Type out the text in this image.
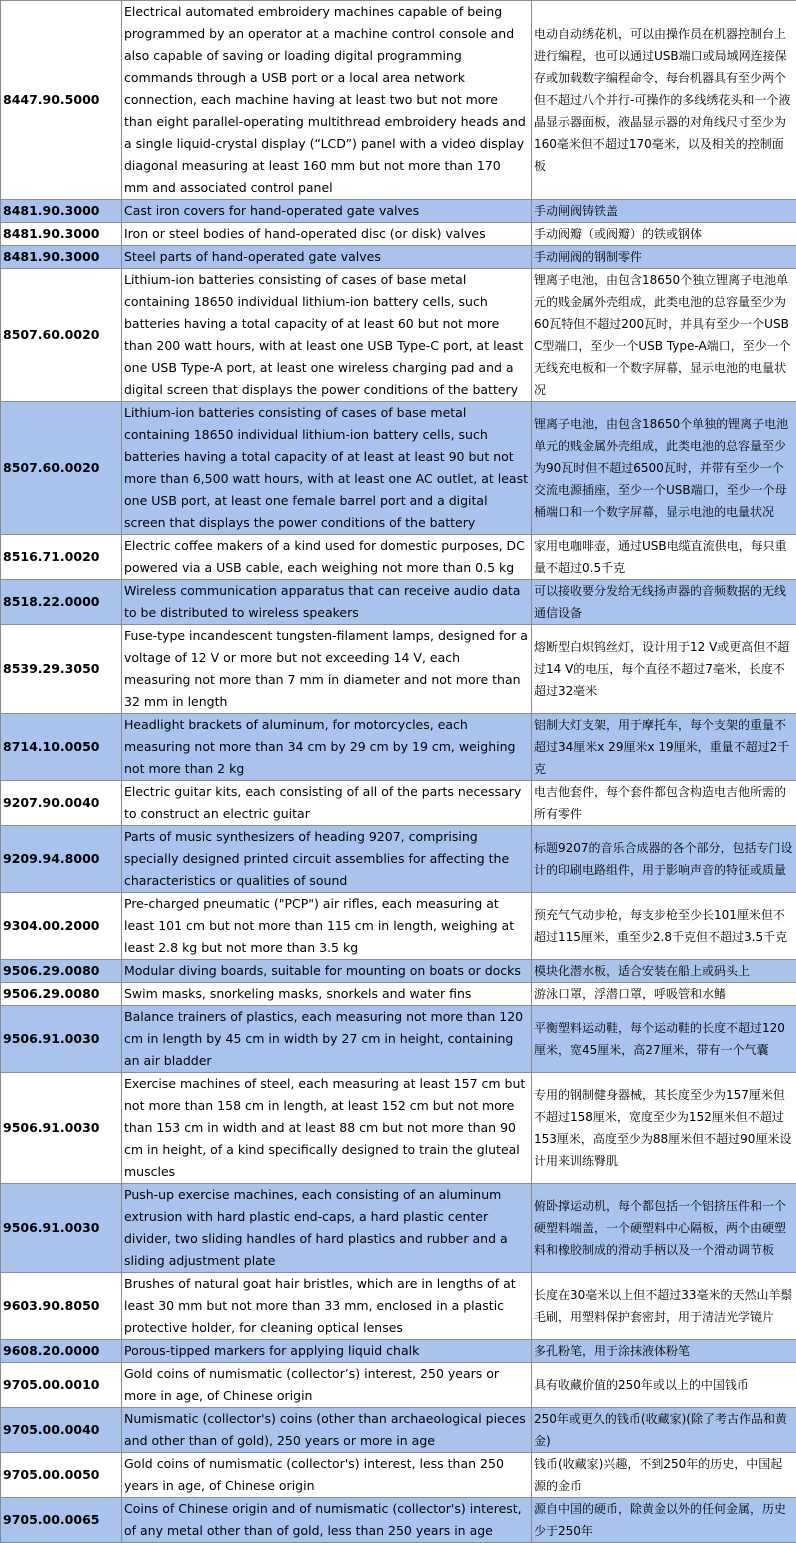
8447.90.5000	Electrical automated embroidery machines capable of being programmed by an operator at a machine control console and also capable of saving or loading digital programming commands through a USB port or a local area network connection, each machine having at least two but not more than eight parallel-operating multithread embroidery heads and a single liquid-crystal display (“LCD”) panel with a video display diagonal measuring at least 160 mm but not more than 170 mm and associated control panel	电动自动绣花机，可以由操作员在机器控制台上进行编程，也可以通过USB端口或局域网连接保存或加载数字编程命令，每台机器具有至少两个但不超过八个并行-可操作的多线绣花头和一个液晶显示器面板，液晶显示器的对角线尺寸至少为160毫米但不超过170毫米，以及相关的控制面板
8481.90.3000	Cast iron covers for hand-operated gate valves	手动闸阀铸铁盖
8481.90.3000	Iron or steel bodies of hand-operated disc (or disk) valves	手动阀瓣（或阀瓣）的铁或钢体
8481.90.3000	Steel parts of hand-operated gate valves	手动闸阀的钢制零件
8507.60.0020	Lithium-ion batteries consisting of cases of base metal containing 18650 individual lithium-ion battery cells, such batteries having a total capacity of at least 60 but not more than 200 watt hours, with at least one USB Type-C port, at least one USB Type-A port, at least one wireless charging pad and a digital screen that displays the power conditions of the battery	锂离子电池，由包含18650个独立锂离子电池单元的贱金属外壳组成，此类电池的总容量至少为60瓦特但不超过200瓦时，并具有至少一个USB C型端口，至少一个USB Type-A端口，至少一个无线充电板和一个数字屏幕，显示电池的电量状况
8507.60.0020	Lithium-ion batteries consisting of cases of base metal containing 18650 individual lithium-ion battery cells, such batteries having a total capacity of at least at least 90 but not more than 6,500 watt hours, with at least one AC outlet, at least one USB port, at least one female barrel port and a digital screen that displays the power conditions of the battery	锂离子电池，由包含18650个单独的锂离子电池单元的贱金属外壳组成，此类电池的总容量至少为90瓦时但不超过6500瓦时，并带有至少一个交流电源插座，至少一个USB端口，至少一个母桶端口和一个数字屏幕，显示电池的电量状况
8516.71.0020	Electric coffee makers of a kind used for domestic purposes, DC powered via a USB cable, each weighing not more than 0.5 kg	家用电咖啡壶，通过USB电缆直流供电，每只重量不超过0.5千克
8518.22.0000	Wireless communication apparatus that can receive audio data to be distributed to wireless speakers	可以接收要分发给无线扬声器的音频数据的无线通信设备
8539.29.3050	Fuse-type incandescent tungsten-filament lamps, designed for a voltage of 12 V or more but not exceeding 14 V, each measuring not more than 7 mm in diameter and not more than 32 mm in length	熔断型白炽钨丝灯，设计用于12 V或更高但不超过14 V的电压，每个直径不超过7毫米，长度不超过32毫米
8714.10.0050	Headlight brackets of aluminum, for motorcycles, each measuring not more than 34 cm by 29 cm by 19 cm, weighing not more than 2 kg	铝制大灯支架，用于摩托车，每个支架的重量不超过34厘米x 29厘米x 19厘米，重量不超过2千克
9207.90.0040	Electric guitar kits, each consisting of all of the parts necessary to construct an electric guitar	电吉他套件，每个套件都包含构造电吉他所需的所有零件
9209.94.8000	Parts of music synthesizers of heading 9207, comprising specially designed printed circuit assemblies for affecting the characteristics or qualities of sound	标题9207的音乐合成器的各个部分，包括专门设计的印刷电路组件，用于影响声音的特征或质量
9304.00.2000	Pre-charged pneumatic ("PCP") air rifles, each measuring at least 101 cm but not more than 115 cm in length, weighing at least 2.8 kg but not more than 3.5 kg	预充气气动步枪，每支步枪至少长101厘米但不超过115厘米，重至少2.8千克但不超过3.5千克
9506.29.0080	Modular diving boards, suitable for mounting on boats or docks	模块化潜水板，适合安装在船上或码头上
9506.29.0080	Swim masks, snorkeling masks, snorkels and water fins	游泳口罩，浮潜口罩，呼吸管和水鳍
9506.91.0030	Balance trainers of plastics, each measuring not more than 120 cm in length by 45 cm in width by 27 cm in height, containing an air bladder	平衡塑料运动鞋，每个运动鞋的长度不超过120厘米，宽45厘米，高27厘米，带有一个气囊
9506.91.0030	Exercise machines of steel, each measuring at least 157 cm but not more than 158 cm in length, at least 152 cm but not more than 153 cm in width and at least 88 cm but not more than 90 cm in height, of a kind specifically designed to train the gluteal muscles	专用的钢制健身器械，其长度至少为157厘米但不超过158厘米，宽度至少为152厘米但不超过153厘米，高度至少为88厘米但不超过90厘米设计用来训练臀肌
9506.91.0030	Push-up exercise machines, each consisting of an aluminum extrusion with hard plastic end-caps, a hard plastic center divider, two sliding handles of hard plastics and rubber and a sliding adjustment plate	俯卧撑运动机，每个都包括一个铝挤压件和一个硬塑料端盖，一个硬塑料中心隔板，两个由硬塑料和橡胶制成的滑动手柄以及一个滑动调节板
9603.90.8050	Brushes of natural goat hair bristles, which are in lengths of at least 30 mm but not more than 33 mm, enclosed in a plastic protective holder, for cleaning optical lenses	长度在30毫米以上但不超过33毫米的天然山羊鬃毛刷，用塑料保护套密封，用于清洁光学镜片
9608.20.0000	Porous-tipped markers for applying liquid chalk	多孔粉笔，用于涂抹液体粉笔
9705.00.0010	Gold coins of numismatic (collector’s) interest, 250 years or more in age, of Chinese origin	具有收藏价值的250年或以上的中国钱币
9705.00.0040	Numismatic (collector's) coins (other than archaeological pieces and other than of gold), 250 years or more in age	250年或更久的钱币(收藏家)(除了考古作品和黄金)
9705.00.0050	Gold coins of numismatic (collector's) interest, less than 250 years in age, of Chinese origin	钱币(收藏家)兴趣，不到250年的历史，中国起源的金币
9705.00.0065	Coins of Chinese origin and of numismatic (collector's) interest, of any metal other than of gold, less than 250 years in age	源自中国的硬币，除黄金以外的任何金属，历史少于250年
